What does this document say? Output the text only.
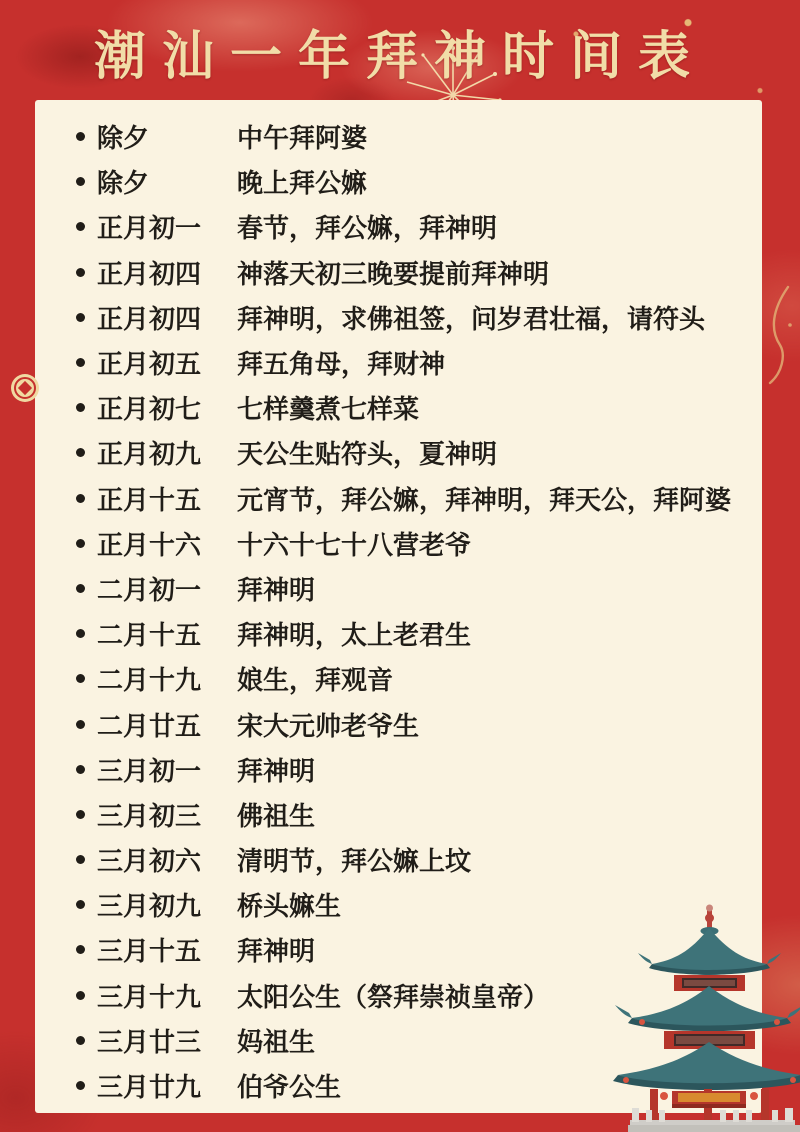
潮汕一年拜神时间表
除夕	中午拜阿婆
除夕	晚上拜公嫲
正月初一	春节，拜公嫲，拜神明
正月初四	神落天初三晚要提前拜神明
正月初四	拜神明，求佛祖签，问岁君壮福，请符头
正月初五	拜五角母，拜财神
正月初七	七样羹煮七样菜
正月初九	天公生贴符头，夏神明
正月十五	元宵节，拜公嫲，拜神明，拜天公，拜阿婆
正月十六	十六十七十八营老爷
二月初一	拜神明
二月十五	拜神明，太上老君生
二月十九	娘生，拜观音
二月廿五	宋大元帅老爷生
三月初一	拜神明
三月初三	佛祖生
三月初六	清明节，拜公嫲上坟
三月初九	桥头嫲生
三月十五	拜神明
三月十九	太阳公生（祭拜崇祯皇帝）
三月廿三	妈祖生
三月廿九	伯爷公生
